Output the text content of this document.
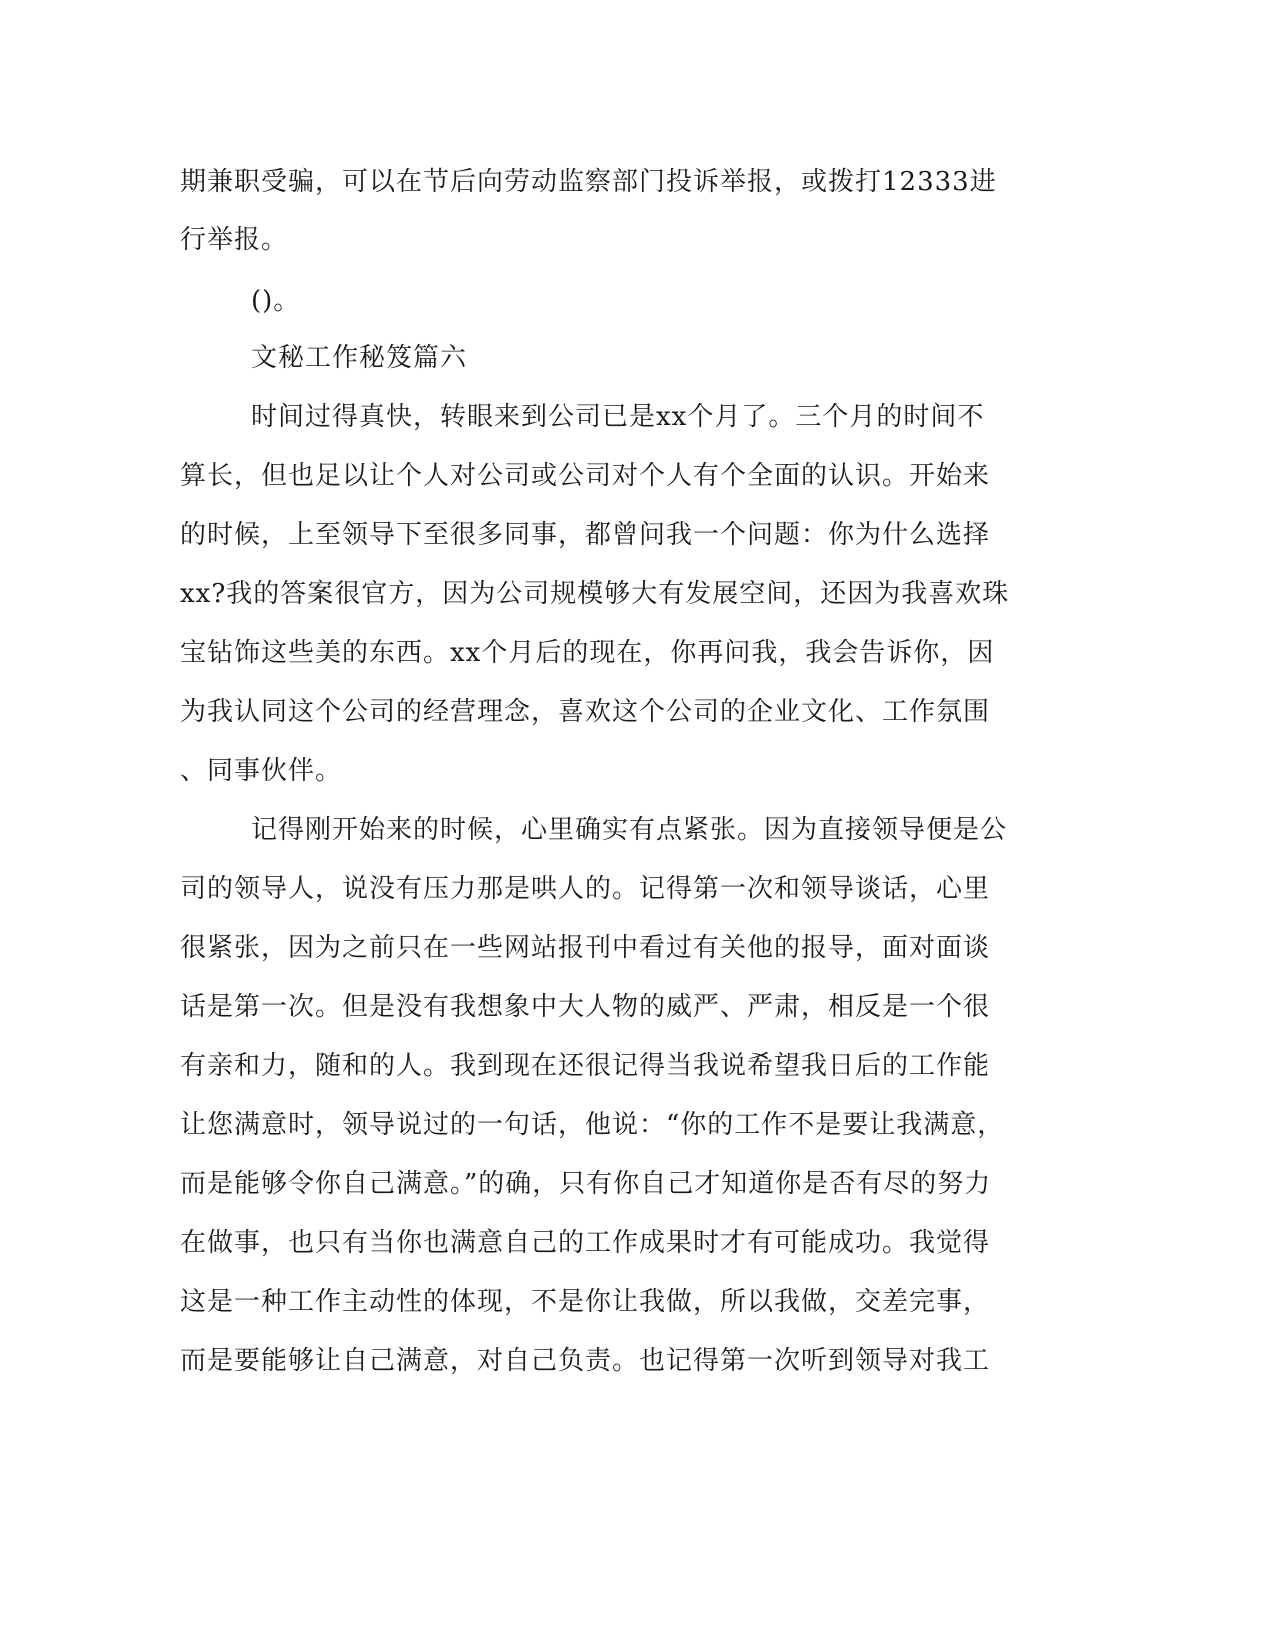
期兼职受骗，可以在节后向劳动监察部门投诉举报，或拨打12333进
行举报。
()。
文秘工作秘笈篇六
时间过得真快，转眼来到公司已是xx个月了。三个月的时间不
算长，但也足以让个人对公司或公司对个人有个全面的认识。开始来
的时候，上至领导下至很多同事，都曾问我一个问题：你为什么选择
xx?我的答案很官方，因为公司规模够大有发展空间，还因为我喜欢珠
宝钻饰这些美的东西。xx个月后的现在，你再问我，我会告诉你，因
为我认同这个公司的经营理念，喜欢这个公司的企业文化、工作氛围
、同事伙伴。
记得刚开始来的时候，心里确实有点紧张。因为直接领导便是公
司的领导人，说没有压力那是哄人的。记得第一次和领导谈话，心里
很紧张，因为之前只在一些网站报刊中看过有关他的报导，面对面谈
话是第一次。但是没有我想象中大人物的威严、严肃，相反是一个很
有亲和力，随和的人。我到现在还很记得当我说希望我日后的工作能
让您满意时，领导说过的一句话，他说：“你的工作不是要让我满意，
而是能够令你自己满意。”的确，只有你自己才知道你是否有尽的努力
在做事，也只有当你也满意自己的工作成果时才有可能成功。我觉得
这是一种工作主动性的体现，不是你让我做，所以我做，交差完事，
而是要能够让自己满意，对自己负责。也记得第一次听到领导对我工
